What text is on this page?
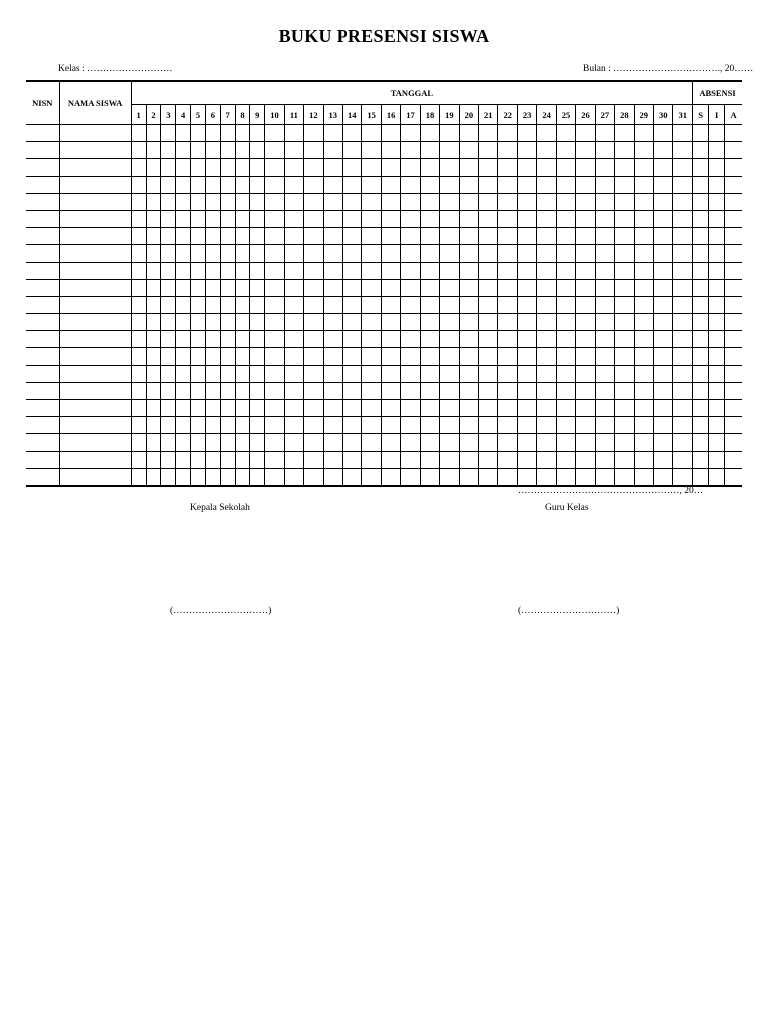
BUKU PRESENSI SISWA
Kelas : ………………………	Bulan : ……………………………., 20……
NISN	NAMA SISWA	TANGGAL																															ABSENSI		
		1	2	3	4	5	6	7	8	9	10	11	12	13	14	15	16	17	18	19	20	21	22	23	24	25	26	27	28	29	30	31	S	I	A

……………………………………………, 20…
Kepala Sekolah	Guru Kelas
(…………………………)	(…………………………)
